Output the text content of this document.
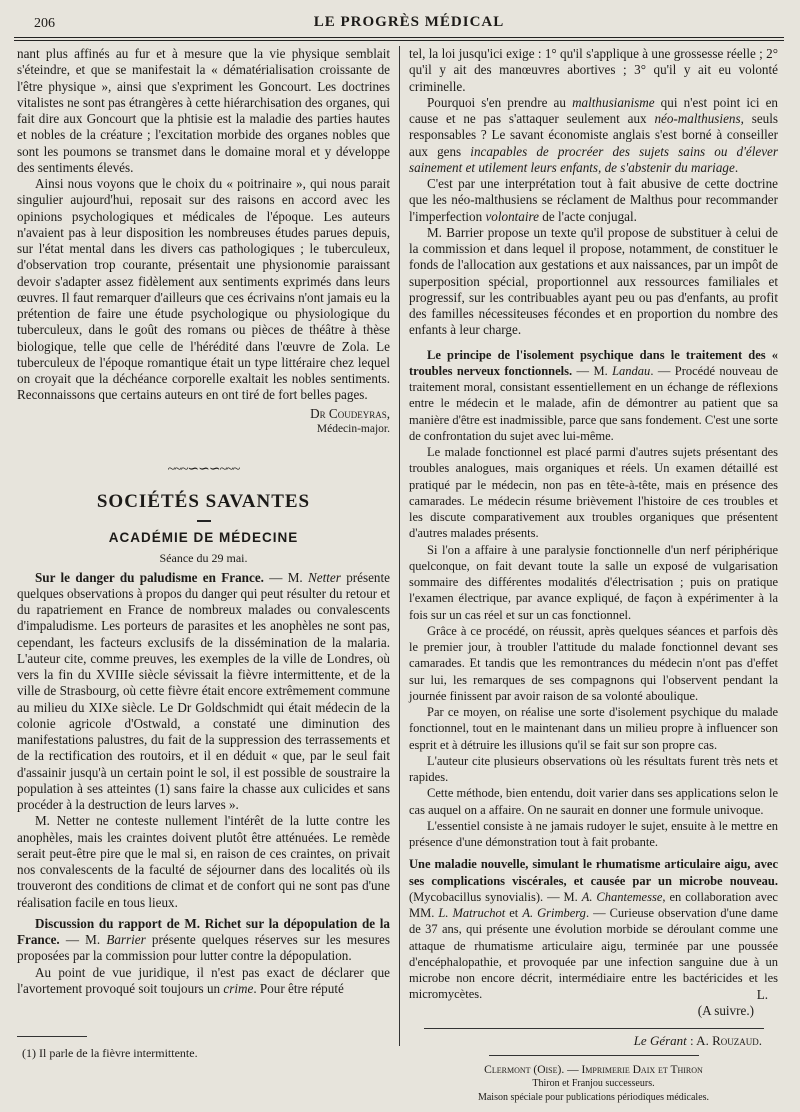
206	LE PROGRÈS MÉDICAL

nant plus affinés au fur et à mesure que la vie physique semblait s'éteindre, et que se manifestait la « dématérialisation croissante de l'être physique », ainsi que s'expriment les Goncourt. Les doctrines vitalistes ne sont pas étrangères à cette hiérarchisation des organes, qui fait dire aux Goncourt que la phtisie est la maladie des parties hautes et nobles de la créature ; l'excitation morbide des organes nobles que sont les poumons se transmet dans le domaine moral et y développe des sentiments élevés.

Ainsi nous voyons que le choix du « poitrinaire », qui nous parait singulier aujourd'hui, reposait sur des raisons en accord avec les opinions psychologiques et médicales de l'époque. Les auteurs n'avaient pas à leur disposition les nombreuses études parues depuis, sur l'état mental dans les divers cas pathologiques ; le tuberculeux, d'observation trop courante, présentait une physionomie paraissant devoir s'adapter assez fidèlement aux sentiments exprimés dans leurs œuvres. Il faut remarquer d'ailleurs que ces écrivains n'ont jamais eu la prétention de faire une étude psychologique ou physiologique du tuberculeux, dans le goût des romans ou pièces de théâtre à thèse biologique, telle que celle de l'hérédité dans l'œuvre de Zola. Le tuberculeux de l'époque romantique était un type littéraire chez lequel on croyait que la déchéance corporelle exaltait les nobles sentiments. Reconnaissons que certains auteurs en ont tiré de fort belles pages.

Dr Coudeyras,
Médecin-major.
~~~∽∽∽~~~
SOCIÉTÉS SAVANTES
ACADÉMIE DE MÉDECINE
Séance du 29 mai.

Sur le danger du paludisme en France. — M. Netter présente quelques observations à propos du danger qui peut résulter du retour et du rapatriement en France de nombreux malades ou convalescents d'impaludisme. Les porteurs de parasites et les anophèles ne sont pas, cependant, les facteurs exclusifs de la dissémination de la malaria. L'auteur cite, comme preuves, les exemples de la ville de Londres, où vers la fin du XVIIIe siècle sévissait la fièvre intermittente, et de la ville de Strasbourg, où cette fièvre était encore extrêmement commune au milieu du XIXe siècle. Le Dr Goldschmidt qui était médecin de la colonie agricole d'Ostwald, a constaté une diminution des manifestations palustres, du fait de la suppression des terrassements et de la rectification des routoirs, et il en déduit « que, par le seul fait d'assainir jusqu'à un certain point le sol, il est possible de soustraire la population à ses atteintes (1) sans faire la chasse aux culicides et sans procéder à la destruction de leurs larves ».

M. Netter ne conteste nullement l'intérêt de la lutte contre les anophèles, mais les craintes doivent plutôt être atténuées. Le remède serait peut-être pire que le mal si, en raison de ces craintes, on privait nos convalescents de la faculté de séjourner dans des localités où ils trouveront des conditions de climat et de confort qui ne sont pas d'une réalisation facile en tous lieux.

Discussion du rapport de M. Richet sur la dépopulation de la France. — M. Barrier présente quelques réserves sur les mesures proposées par la commission pour lutter contre la dépopulation.

Au point de vue juridique, il n'est pas exact de déclarer que l'avortement provoqué soit toujours un crime. Pour être réputé

(1) Il parle de la fièvre intermittente.

tel, la loi jusqu'ici exige : 1° qu'il s'applique à une grossesse réelle ; 2° qu'il y ait des manœuvres abortives ; 3° qu'il y ait eu volonté criminelle.

Pourquoi s'en prendre au malthusianisme qui n'est point ici en cause et ne pas s'attaquer seulement aux néo-malthusiens, seuls responsables ? Le savant économiste anglais s'est borné à conseiller aux gens incapables de procréer des sujets sains ou d'élever sainement et utilement leurs enfants, de s'abstenir du mariage.

C'est par une interprétation tout à fait abusive de cette doctrine que les néo-malthusiens se réclament de Malthus pour recommander l'imperfection volontaire de l'acte conjugal.

M. Barrier propose un texte qu'il propose de substituer à celui de la commission et dans lequel il propose, notamment, de constituer le fonds de l'allocation aux gestations et aux naissances, par un impôt de superposition spécial, proportionnel aux ressources familiales et progressif, sur les contribuables ayant peu ou pas d'enfants, au profit des familles nécessiteuses fécondes et en proportion du nombre des enfants à leur charge.

Le principe de l'isolement psychique dans le traitement des « troubles nerveux fonctionnels. — M. Landau. — Procédé nouveau de traitement moral, consistant essentiellement en un échange de réflexions entre le médecin et le malade, afin de démontrer au patient que sa manière d'être est inadmissible, parce que sans fondement. C'est une sorte de confrontation du sujet avec lui-même.

Le malade fonctionnel est placé parmi d'autres sujets présentant des troubles analogues, mais organiques et réels. Un examen détaillé est pratiqué par le médecin, non pas en tête-à-tête, mais en présence des camarades. Le médecin résume brièvement l'histoire de ces troubles et les discute comparativement aux troubles organiques que présentent d'autres malades présents.

Si l'on a affaire à une paralysie fonctionnelle d'un nerf périphérique quelconque, on fait devant toute la salle un exposé de vulgarisation sommaire des différentes modalités d'électrisation ; puis on pratique l'examen électrique, par avance expliqué, de façon à expérimenter à la fois sur un cas réel et sur un cas fonctionnel.

Grâce à ce procédé, on réussit, après quelques séances et parfois dès le premier jour, à troubler l'attitude du malade fonctionnel devant ses camarades. Et tandis que les remontrances du médecin n'ont pas d'effet sur lui, les remarques de ses compagnons qui l'observent pendant la journée finissent par avoir raison de sa volonté aboulique.

Par ce moyen, on réalise une sorte d'isolement psychique du malade fonctionnel, tout en le maintenant dans un milieu propre à influencer son esprit et à détruire les illusions qu'il se fait sur son propre cas.

L'auteur cite plusieurs observations où les résultats furent très nets et rapides.

Cette méthode, bien entendu, doit varier dans ses applications selon le cas auquel on a affaire. On ne saurait en donner une formule univoque.

L'essentiel consiste à ne jamais rudoyer le sujet, ensuite à le mettre en présence d'une démonstration tout à fait probante.

Une maladie nouvelle, simulant le rhumatisme articulaire aigu, avec ses complications viscérales, et causée par un microbe nouveau. (Mycobacillus synovialis). — M. A. Chantemesse, en collaboration avec MM. L. Matruchot et A. Grimberg. — Curieuse observation d'une dame de 37 ans, qui présente une évolution morbide se déroulant comme une attaque de rhumatisme articulaire aigu, terminée par une poussée d'encéphalopathie, et provoquée par une infection sanguine due à un microbe non encore décrit, intermédiaire entre les bactéricides et les micromycètes.	L.
(A suivre.)
Le Gérant : A. Rouzaud.
Clermont (Oise). — Imprimerie Daix et Thiron
Thiron et Franjou successeurs.
Maison spéciale pour publications périodiques médicales.
